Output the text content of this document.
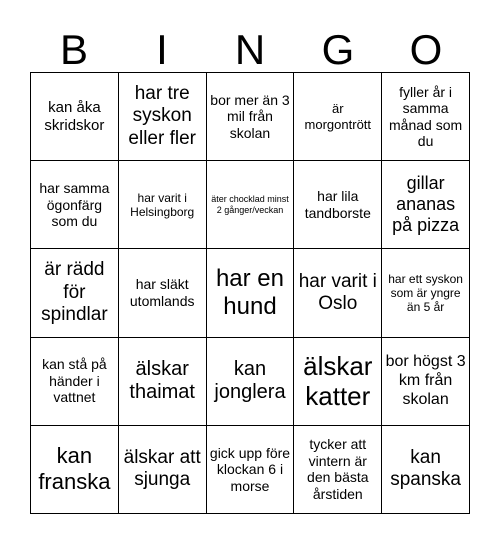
B	I	N	G	O
kan åka skridskor
har tre syskon eller fler
bor mer än 3 mil från skolan
är morgontrött
fyller år i samma månad som du
har samma ögonfärg som du
har varit i Helsingborg
äter chocklad minst 2 gånger/veckan
har lila tandborste
gillar ananas på pizza
är rädd för spindlar
har släkt utomlands
har en hund
har varit i Oslo
har ett syskon som är yngre än 5 år
kan stå på händer i vattnet
älskar thaimat
kan jonglera
älskar katter
bor högst 3 km från skolan
kan franska
älskar att sjunga
gick upp före klockan 6 i morse
tycker att vintern är den bästa årstiden
kan spanska
